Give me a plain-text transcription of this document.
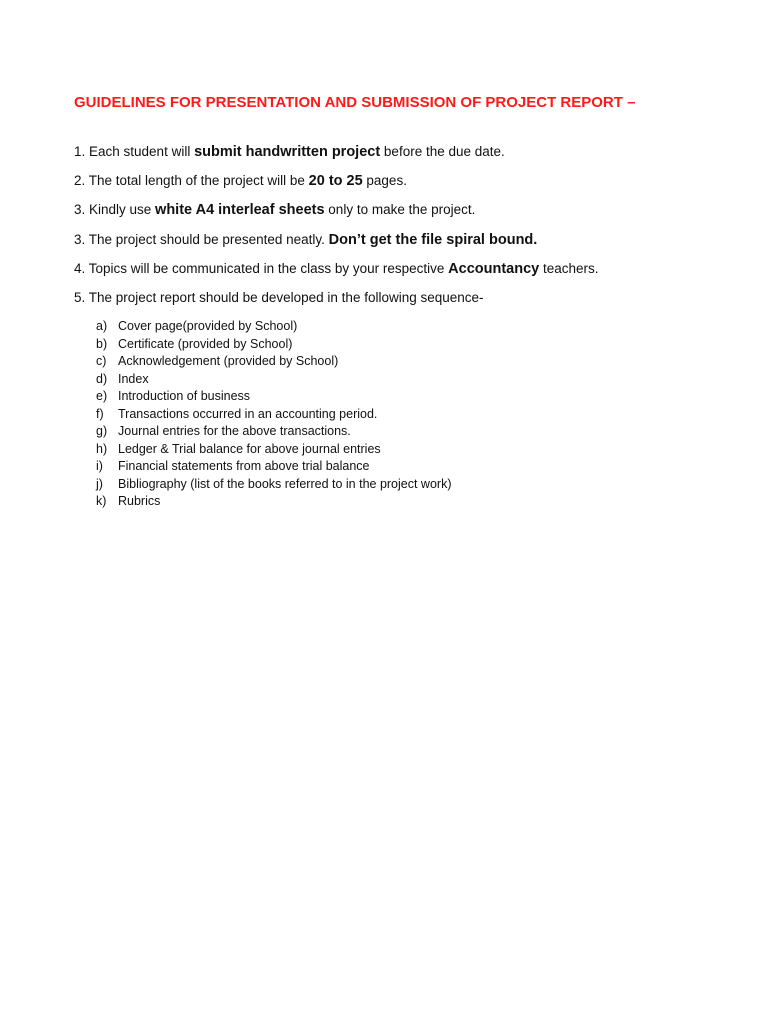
GUIDELINES FOR PRESENTATION AND SUBMISSION OF PROJECT REPORT –
1. Each student will submit handwritten project before the due date.
2. The total length of the project will be 20 to 25 pages.
3. Kindly use white A4 interleaf sheets only to make the project.
3. The project should be presented neatly. Don’t get the file spiral bound.
4. Topics will be communicated in the class by your respective Accountancy teachers.
5. The project report should be developed in the following sequence-
a) Cover page(provided by School)
b) Certificate (provided by School)
c) Acknowledgement (provided by School)
d) Index
e) Introduction of business
f) Transactions occurred in an accounting period.
g) Journal entries for the above transactions.
h) Ledger & Trial balance for above journal entries
i) Financial statements from above trial balance
j) Bibliography (list of the books referred to in the project work)
k) Rubrics
